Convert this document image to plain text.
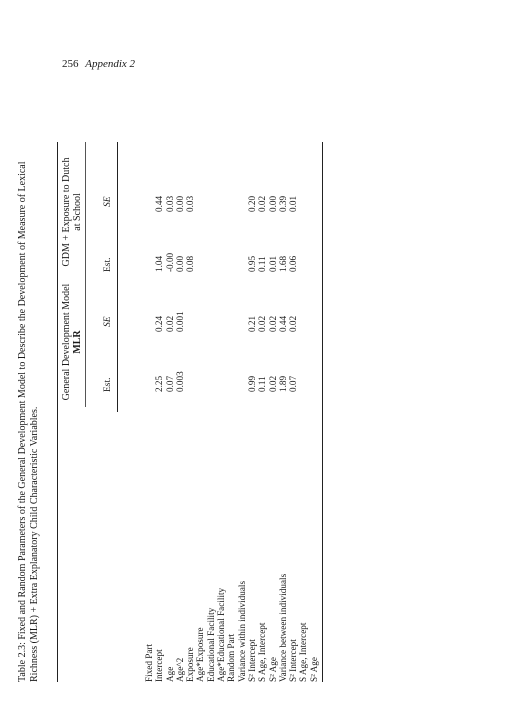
256 Appendix 2
Table 2.3: Fixed and Random Parameters of the General Development Model to Describe the Development of Measure of Lexical Richness (MLR) + Extra Explanatory Child Characteristic Variables.
General Development Model MLR
GDM + Exposure to Dutch at School
Est.
SE
Est.
SE
Fixed Part Intercept
2.25
0.24
1.04
0.44
Age
0.07
0.02
-0.00
0.03
Age^2
0.003
0.001
0.00
0.00
Exposure
0.08
0.03
Age*Exposure Educational Facility Age*Educational Facility Random Part Variance within individuals S² Intercept
0.99
0.21
0.95
0.20
S Age, Intercept
0.11
0.02
0.11
0.02
S² Age
0.02
0.02
0.01
0.00
Variance between individuals
1.89
0.44
1.68
0.39
S² Intercept
0.07
0.02
0.06
0.01
S Age, Intercept S² Age
